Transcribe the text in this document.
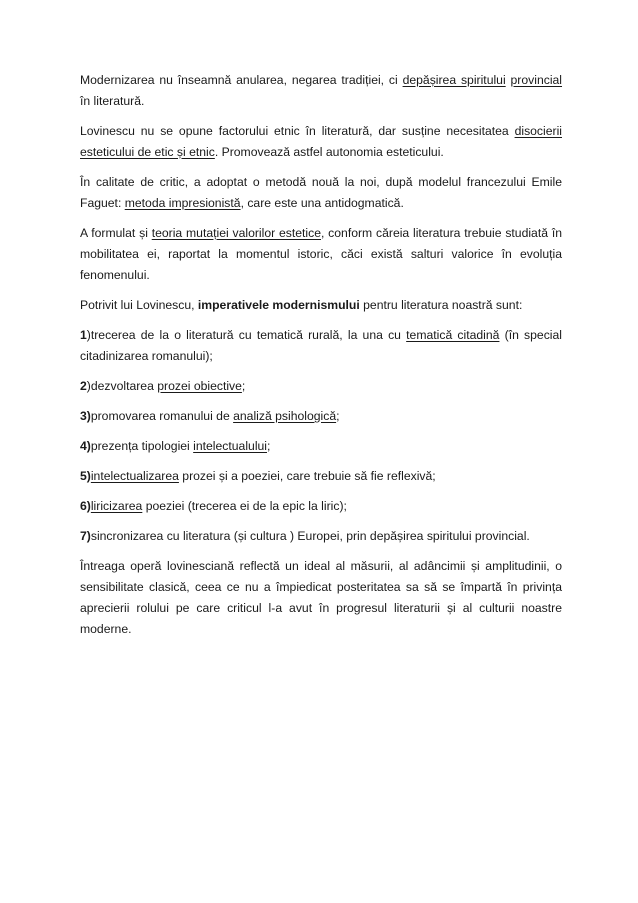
Modernizarea nu înseamnă anularea, negarea tradiției, ci depășirea spiritului provincial în literatură.

Lovinescu nu se opune factorului etnic în literatură, dar susține necesitatea disocierii esteticului de etic și etnic. Promovează astfel autonomia esteticului.

În calitate de critic, a adoptat o metodă nouă la noi, după modelul francezului Emile Faguet: metoda impresionistă, care este una antidogmatică.

A formulat și teoria mutației valorilor estetice, conform căreia literatura trebuie studiată în mobilitatea ei, raportat la momentul istoric, căci există salturi valorice în evoluția fenomenului.

Potrivit lui Lovinescu, imperativele modernismului pentru literatura noastră sunt:

1)trecerea de la o literatură cu tematică rurală, la una cu tematică citadină (în special citadinizarea romanului);

2)dezvoltarea prozei obiective;

3)promovarea romanului de analiză psihologică;

4)prezența tipologiei intelectualului;

5)intelectualizarea prozei și a poeziei, care trebuie să fie reflexivă;

6)liricizarea poeziei (trecerea ei de la epic la liric);

7)sincronizarea cu literatura (și cultura ) Europei, prin depășirea spiritului provincial.

Întreaga operă lovinesciană reflectă un ideal al măsurii, al adâncimii și amplitudinii, o sensibilitate clasică, ceea ce nu a împiedicat posteritatea sa să se împartă în privința aprecierii rolului pe care criticul l-a avut în progresul literaturii și al culturii noastre moderne.
